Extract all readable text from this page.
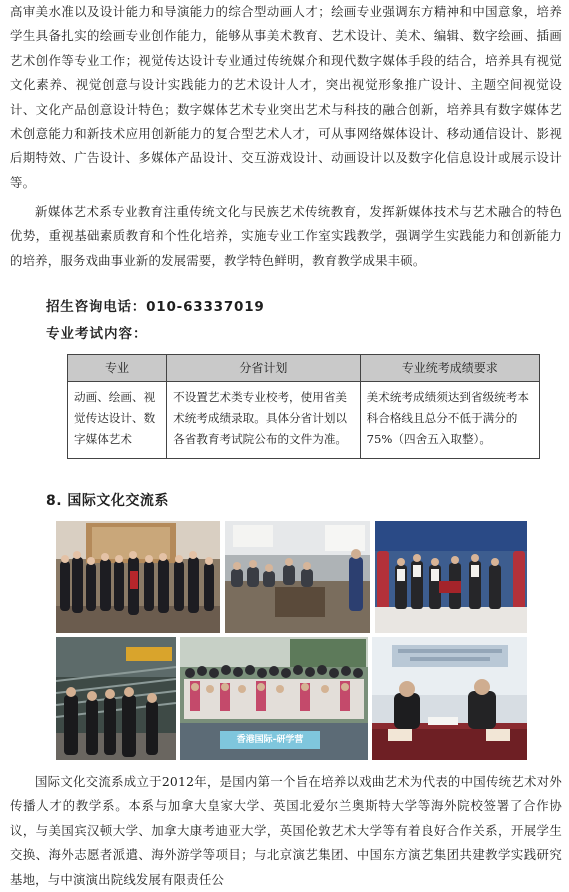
高审美水准以及设计能力和导演能力的综合型动画人才；绘画专业强调东方精神和中国意象，培养学生具备扎实的绘画专业创作能力，能够从事美术教育、艺术设计、美术、编辑、数字绘画、插画艺术创作等专业工作；视觉传达设计专业通过传统媒介和现代数字媒体手段的结合，培养具有视觉文化素养、视觉创意与设计实践能力的艺术设计人才，突出视觉形象推广设计、主题空间视觉设计、文化产品创意设计特色；数字媒体艺术专业突出艺术与科技的融合创新，培养具有数字媒体艺术创意能力和新技术应用创新能力的复合型艺术人才，可从事网络媒体设计、移动通信设计、影视后期特效、广告设计、多媒体产品设计、交互游戏设计、动画设计以及数字化信息设计或展示设计等。

新媒体艺术系专业教育注重传统文化与民族艺术传统教育，发挥新媒体技术与艺术融合的特色优势，重视基础素质教育和个性化培养，实施专业工作室实践教学，强调学生实践能力和创新能力的培养，服务戏曲事业新的发展需要，教学特色鲜明，教育教学成果丰硕。

招生咨询电话：010-63337019
专业考试内容：
专业	分省计划	专业统考成绩要求
动画、绘画、视觉传达设计、数字媒体艺术	不设置艺术类专业校考，使用省美术统考成绩录取。具体分省计划以各省教育考试院公布的文件为准。	美术统考成绩须达到省级统考本科合格线且总分不低于满分的75%（四舍五入取整）。
8. 国际文化交流系
香港国际-研学营

国际文化交流系成立于2012年，是国内第一个旨在培养以戏曲艺术为代表的中国传统艺术对外传播人才的教学系。本系与加拿大皇家大学、英国北爱尔兰奥斯特大学等海外院校签署了合作协议，与美国宾汉顿大学、加拿大康考迪亚大学，英国伦敦艺术大学等有着良好合作关系，开展学生交换、海外志愿者派遣、海外游学等项目；与北京演艺集团、中国东方演艺集团共建教学实践研究基地，与中演演出院线发展有限责任公
